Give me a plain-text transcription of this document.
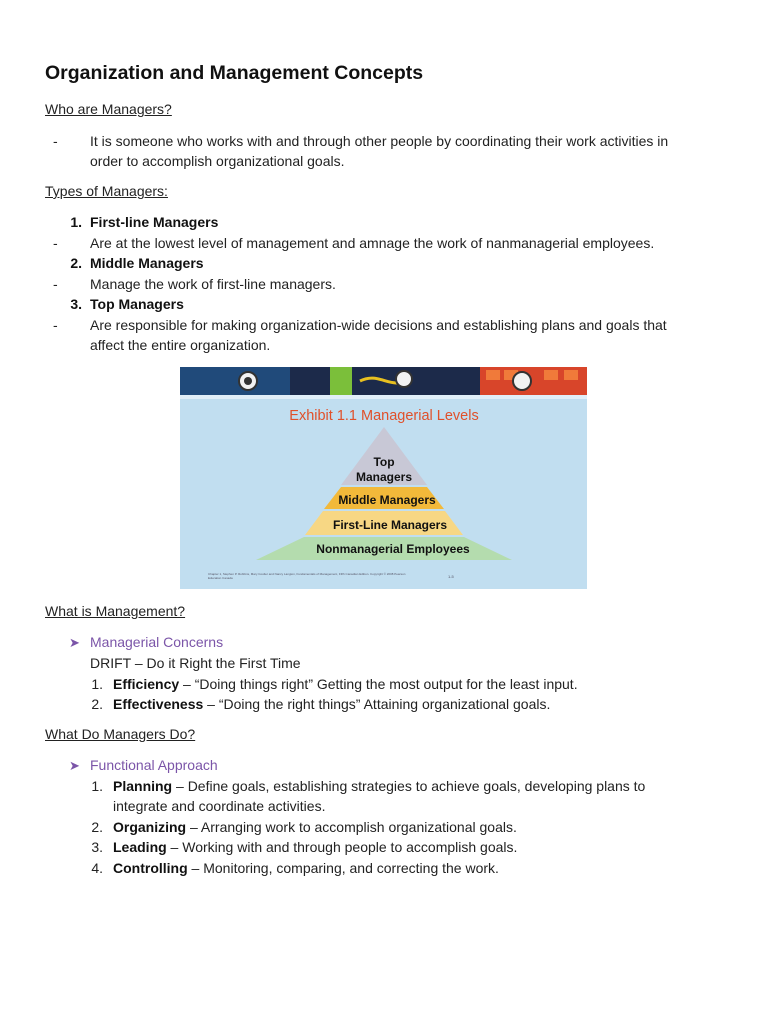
Organization and Management Concepts
Who are Managers?
- It is someone who works with and through other people by coordinating their work activities in
order to accomplish organizational goals.
Types of Managers:
1. First-line Managers
- Are at the lowest level of management and amnage the work of nanmanagerial employees.
2. Middle Managers
- Manage the work of first-line managers.
3. Top Managers
- Are responsible for making organization-wide decisions and establishing plans and goals that
affect the entire organization.
Exhibit 1.1 Managerial Levels
Top
Managers
Middle Managers
First-Line Managers
Nonmanagerial Employees
Chapter 1, Stephen P. Robbins, Mary Coulter and Nancy Langton, Fundamentals of Management, Fifth Canadian Edition. Copyright © 2008 Pearson Education Canada	1-5
What is Management?
➤ Managerial Concerns
DRIFT – Do it Right the First Time
1. Efficiency – “Doing things right” Getting the most output for the least input.
2. Effectiveness – “Doing the right things” Attaining organizational goals.
What Do Managers Do?
➤ Functional Approach
1. Planning – Define goals, establishing strategies to achieve goals, developing plans to
integrate and coordinate activities.
2. Organizing – Arranging work to accomplish organizational goals.
3. Leading – Working with and through people to accomplish goals.
4. Controlling – Monitoring, comparing, and correcting the work.
